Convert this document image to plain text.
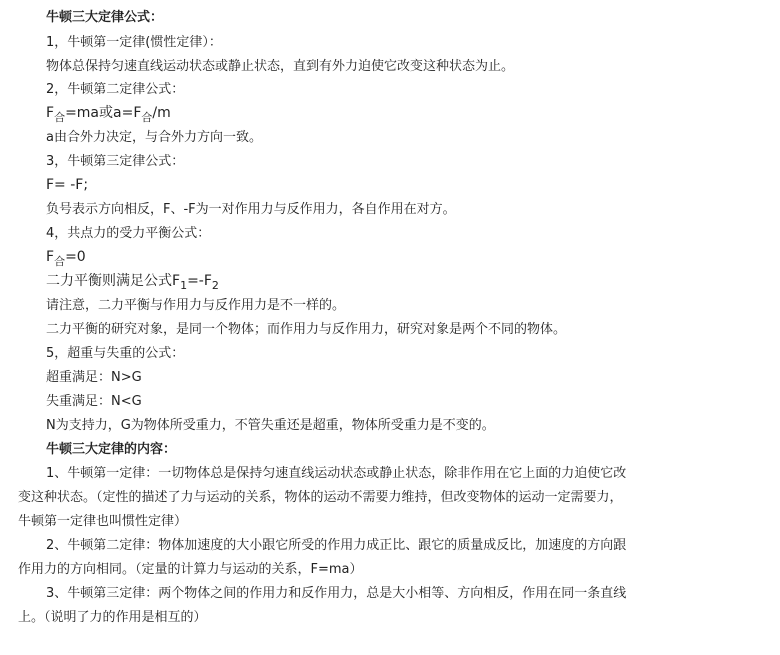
牛顿三大定律公式：
1，牛顿第一定律(惯性定律）：
物体总保持匀速直线运动状态或静止状态，直到有外力迫使它改变这种状态为止。
2，牛顿第二定律公式：
$F_合=ma$或$a=F_合/m$
a由合外力决定，与合外力方向一致。
3，牛顿第三定律公式：
F= -F;
负号表示方向相反，F、-F为一对作用力与反作用力，各自作用在对方。
4，共点力的受力平衡公式：
$F_合=0$
二力平衡则满足公式$F_1=-F_2$
请注意，二力平衡与作用力与反作用力是不一样的。
二力平衡的研究对象，是同一个物体；而作用力与反作用力，研究对象是两个不同的物体。
5，超重与失重的公式：
超重满足：N>G
失重满足：N<G
N为支持力，G为物体所受重力，不管失重还是超重，物体所受重力是不变的。
牛顿三大定律的内容：
1、牛顿第一定律：一切物体总是保持匀速直线运动状态或静止状态，除非作用在它上面的力迫使它改
变这种状态。（定性的描述了力与运动的关系，物体的运动不需要力维持，但改变物体的运动一定需要力，
牛顿第一定律也叫惯性定律）
2、牛顿第二定律：物体加速度的大小跟它所受的作用力成正比、跟它的质量成反比，加速度的方向跟
作用力的方向相同。（定量的计算力与运动的关系，F=ma）
3、牛顿第三定律：两个物体之间的作用力和反作用力，总是大小相等、方向相反，作用在同一条直线
上。（说明了力的作用是相互的）
